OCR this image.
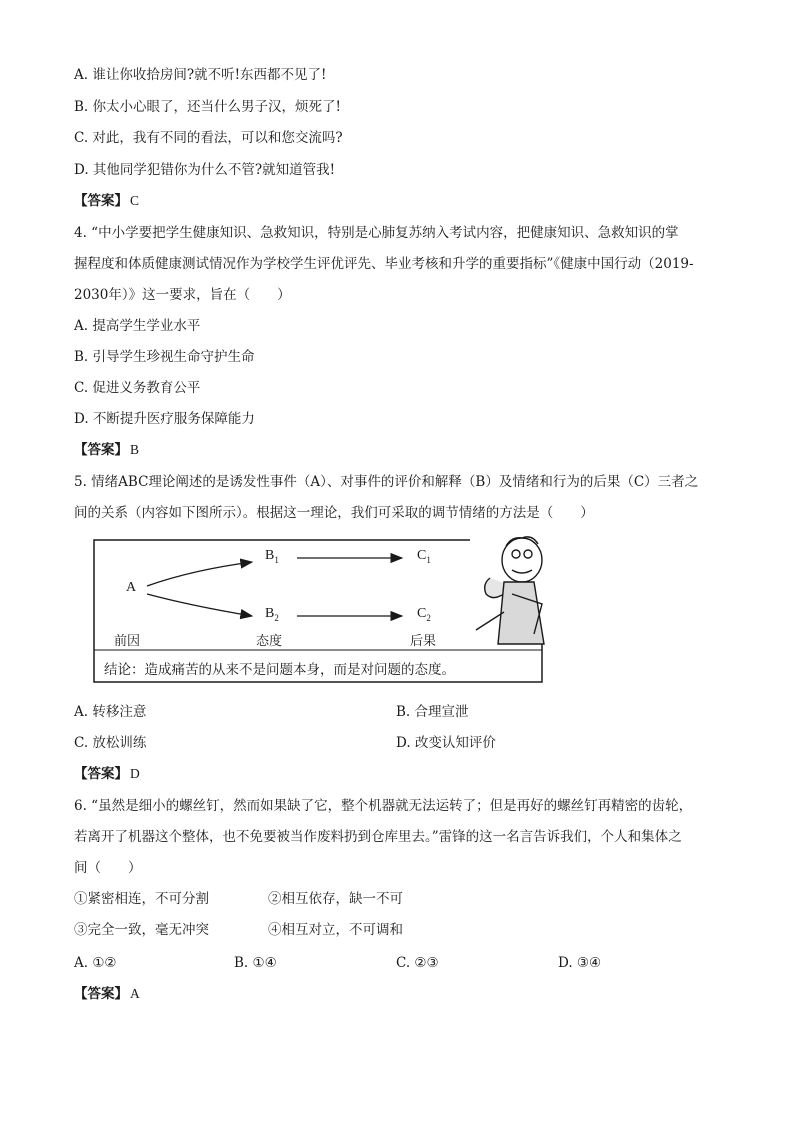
A. 谁让你收拾房间?就不听!东西都不见了!
B. 你太小心眼了，还当什么男子汉，烦死了!
C. 对此，我有不同的看法，可以和您交流吗?
D. 其他同学犯错你为什么不管?就知道管我!
【答案】 C
4. “中小学要把学生健康知识、急救知识，特别是心肺复苏纳入考试内容，把健康知识、急救知识的掌
握程度和体质健康测试情况作为学校学生评优评先、毕业考核和升学的重要指标”《健康中国行动（2019-
2030年）》这一要求，旨在（　　）
A. 提高学生学业水平
B. 引导学生珍视生命守护生命
C. 促进义务教育公平
D. 不断提升医疗服务保障能力
【答案】 B
5. 情绪ABC理论阐述的是诱发性事件（A）、对事件的评价和解释（B）及情绪和行为的后果（C）三者之
间的关系（内容如下图所示）。根据这一理论，我们可采取的调节情绪的方法是（　　）
A
$B_1$
$B_2$
$C_1$
$C_2$
前因	态度	后果
结论：造成痛苦的从来不是问题本身，而是对问题的态度。
A. 转移注意	B. 合理宣泄
C. 放松训练	D. 改变认知评价
【答案】 D
6. “虽然是细小的螺丝钉，然而如果缺了它，整个机器就无法运转了；但是再好的螺丝钉再精密的齿轮，
若离开了机器这个整体，也不免要被当作废料扔到仓库里去。”雷锋的这一名言告诉我们，个人和集体之
间（　　）
①紧密相连，不可分割	②相互依存，缺一不可
③完全一致，毫无冲突	④相互对立，不可调和
A. ①②	B. ①④	C. ②③	D. ③④
【答案】 A
